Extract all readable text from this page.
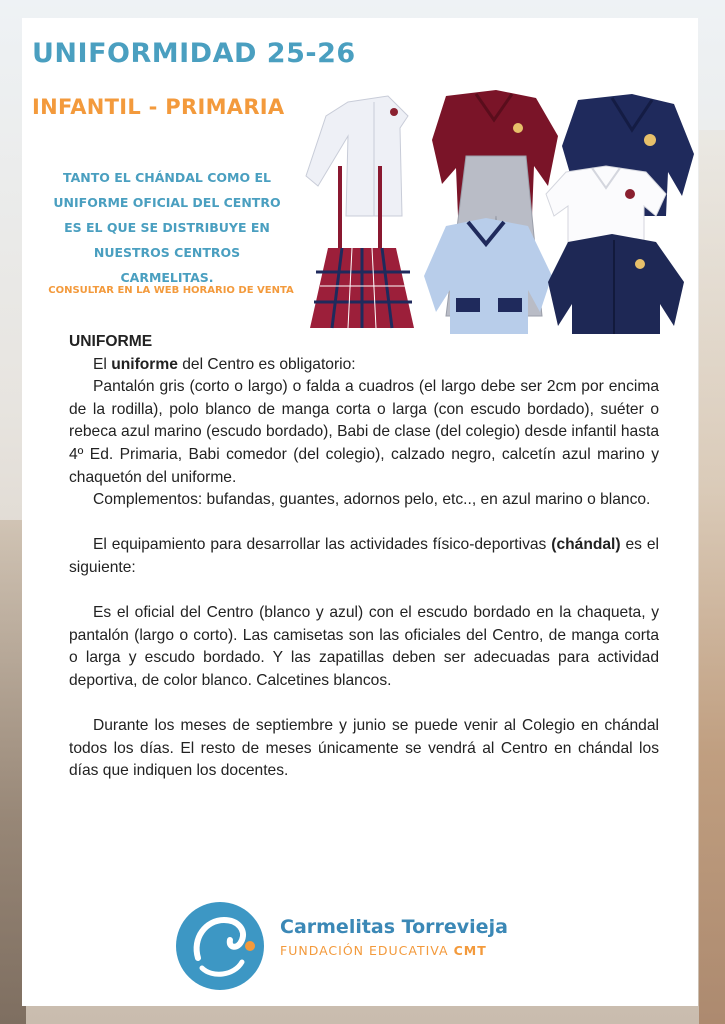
UNIFORMIDAD 25-26
INFANTIL - PRIMARIA
TANTO EL CHÁNDAL COMO EL
UNIFORME OFICIAL DEL CENTRO
ES EL QUE SE DISTRIBUYE EN
NUESTROS CENTROS
CARMELITAS.

CONSULTAR EN LA WEB HORARIO DE VENTA

UNIFORME

El uniforme del Centro es obligatorio:

Pantalón gris (corto o largo) o falda a cuadros (el largo debe ser 2cm por encima de la rodilla), polo blanco de manga corta o larga (con escudo bordado), suéter o rebeca azul marino (escudo bordado), Babi de clase (del colegio) desde infantil hasta 4º Ed. Primaria, Babi comedor (del colegio), calzado negro, calcetín azul marino y chaquetón del uniforme.

Complementos: bufandas, guantes, adornos pelo, etc.., en azul marino o blanco.

El equipamiento para desarrollar las actividades físico-deportivas (chándal) es el siguiente:

Es el oficial del Centro (blanco y azul) con el escudo bordado en la chaqueta, y pantalón (largo o corto). Las camisetas son las oficiales del Centro, de manga corta o larga y escudo bordado. Y las zapatillas deben ser adecuadas para actividad deportiva, de color blanco. Calcetines blancos.

Durante los meses de septiembre y junio se puede venir al Colegio en chándal todos los días. El resto de meses únicamente se vendrá al Centro en chándal los días que indiquen los docentes.

Carmelitas Torrevieja
FUNDACIÓN EDUCATIVA CMT
